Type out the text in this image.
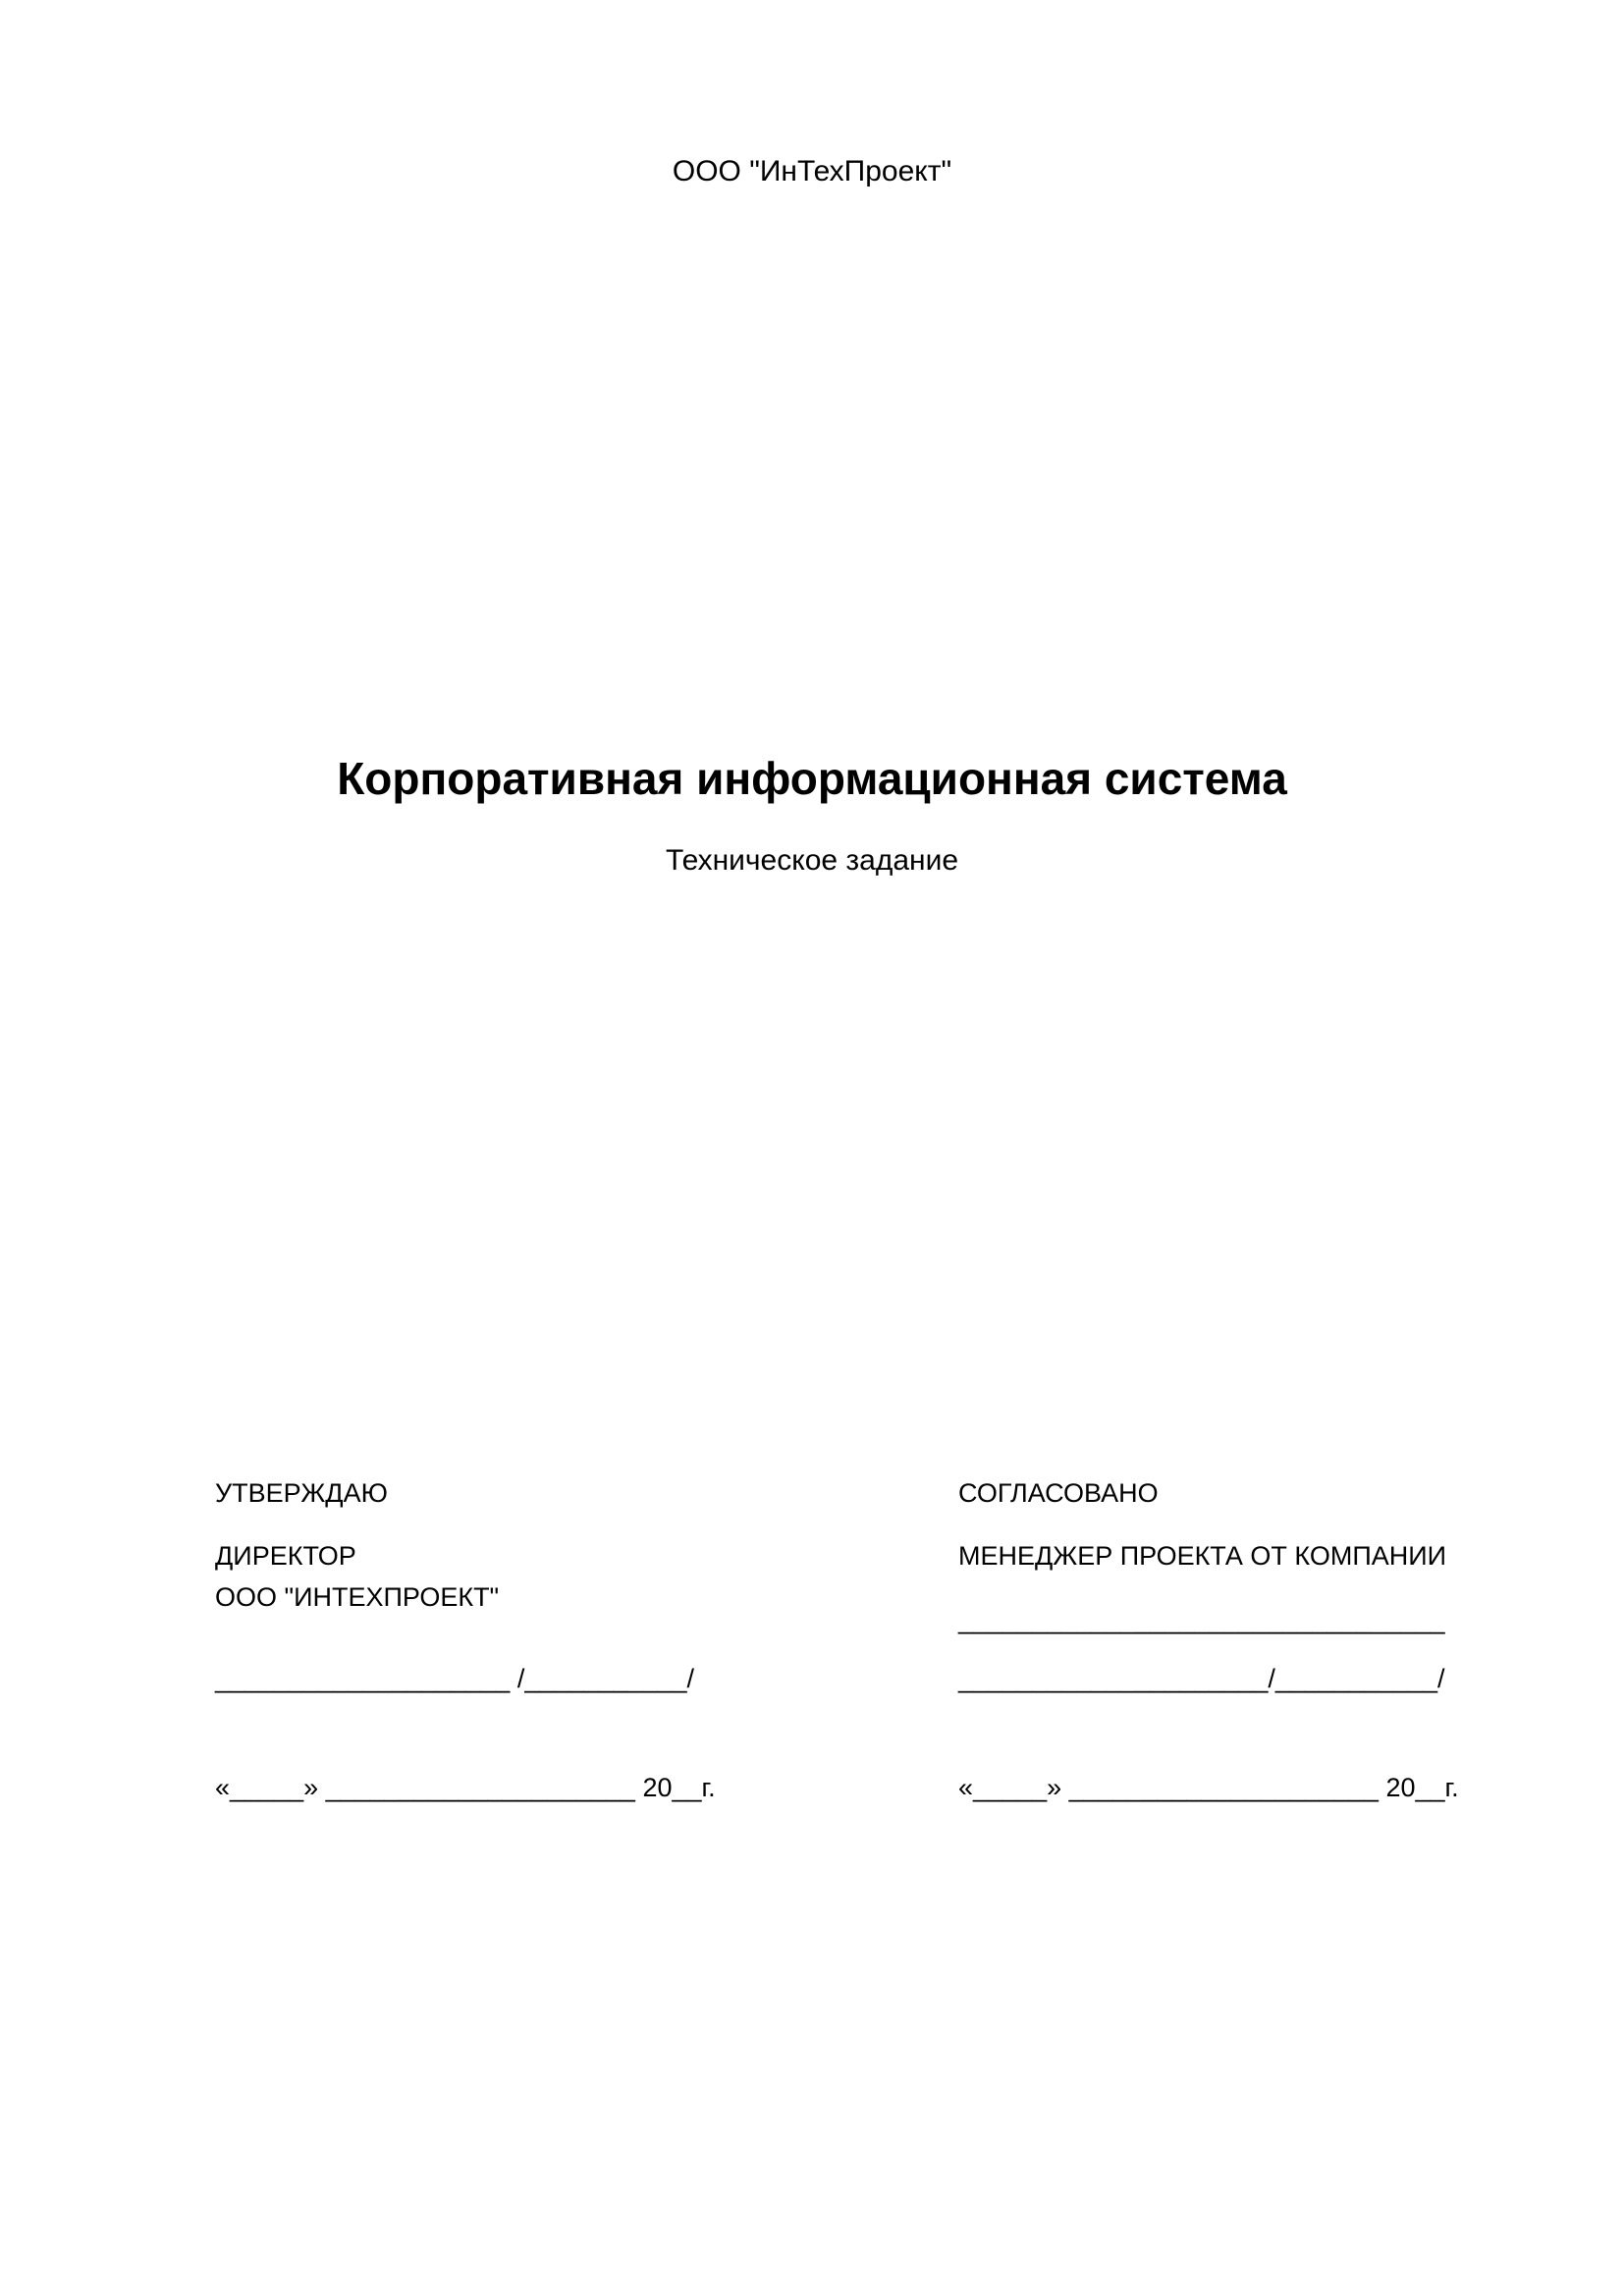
ООО "ИнТехПроект"
Корпоративная информационная система
Техническое задание
УТВЕРЖДАЮ
ДИРЕКТОР
ООО "ИНТЕХПРОЕКТ"
____________________ /___________/
«_____» _____________________ 20__г.
СОГЛАСОВАНО
МЕНЕДЖЕР ПРОЕКТА ОТ КОМПАНИИ
_________________________________
_____________________/___________/
«_____» _____________________ 20__г.
